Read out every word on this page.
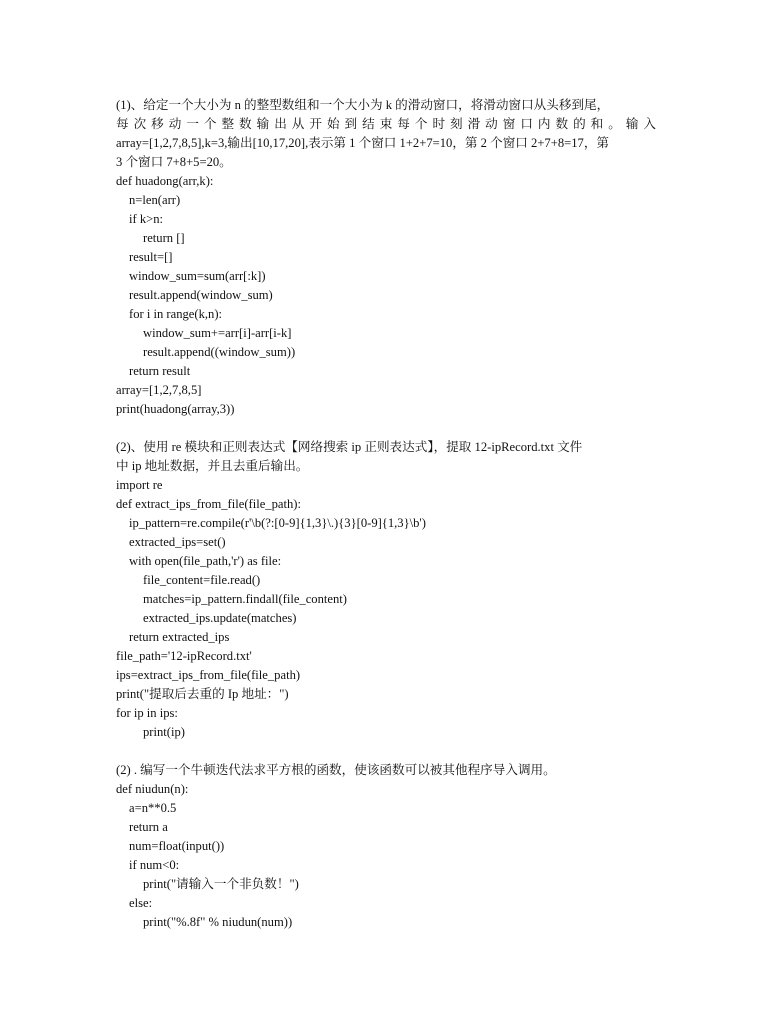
(1)、给定一个大小为 n 的整型数组和一个大小为 k 的滑动窗口，将滑动窗口从头移到尾，
每 次 移 动 一 个 整 数 输 出 从 开 始 到 结 束 每 个 时 刻 滑 动 窗 口 内 数 的 和 。 输 入
array=[1,2,7,8,5],k=3,输出[10,17,20],表示第 1 个窗口 1+2+7=10，第 2 个窗口 2+7+8=17，第
3 个窗口 7+8+5=20。
def huadong(arr,k):
n=len(arr)
if k>n:
return []
result=[]
window_sum=sum(arr[:k])
result.append(window_sum)
for i in range(k,n):
window_sum+=arr[i]-arr[i-k]
result.append((window_sum))
return result
array=[1,2,7,8,5]
print(huadong(array,3))
(2)、使用 re 模块和正则表达式【网络搜索 ip 正则表达式】，提取 12-ipRecord.txt 文件
中 ip 地址数据，并且去重后输出。
import re
def extract_ips_from_file(file_path):
ip_pattern=re.compile(r'\b(?:[0-9]{1,3}\.){3}[0-9]{1,3}\b')
extracted_ips=set()
with open(file_path,'r') as file:
file_content=file.read()
matches=ip_pattern.findall(file_content)
extracted_ips.update(matches)
return extracted_ips
file_path='12-ipRecord.txt'
ips=extract_ips_from_file(file_path)
print("提取后去重的 Ip 地址：")
for ip in ips:
print(ip)
(2) . 编写一个牛顿迭代法求平方根的函数，使该函数可以被其他程序导入调用。
def niudun(n):
a=n**0.5
return a
num=float(input())
if num<0:
print("请输入一个非负数！")
else:
print("%.8f" % niudun(num))
